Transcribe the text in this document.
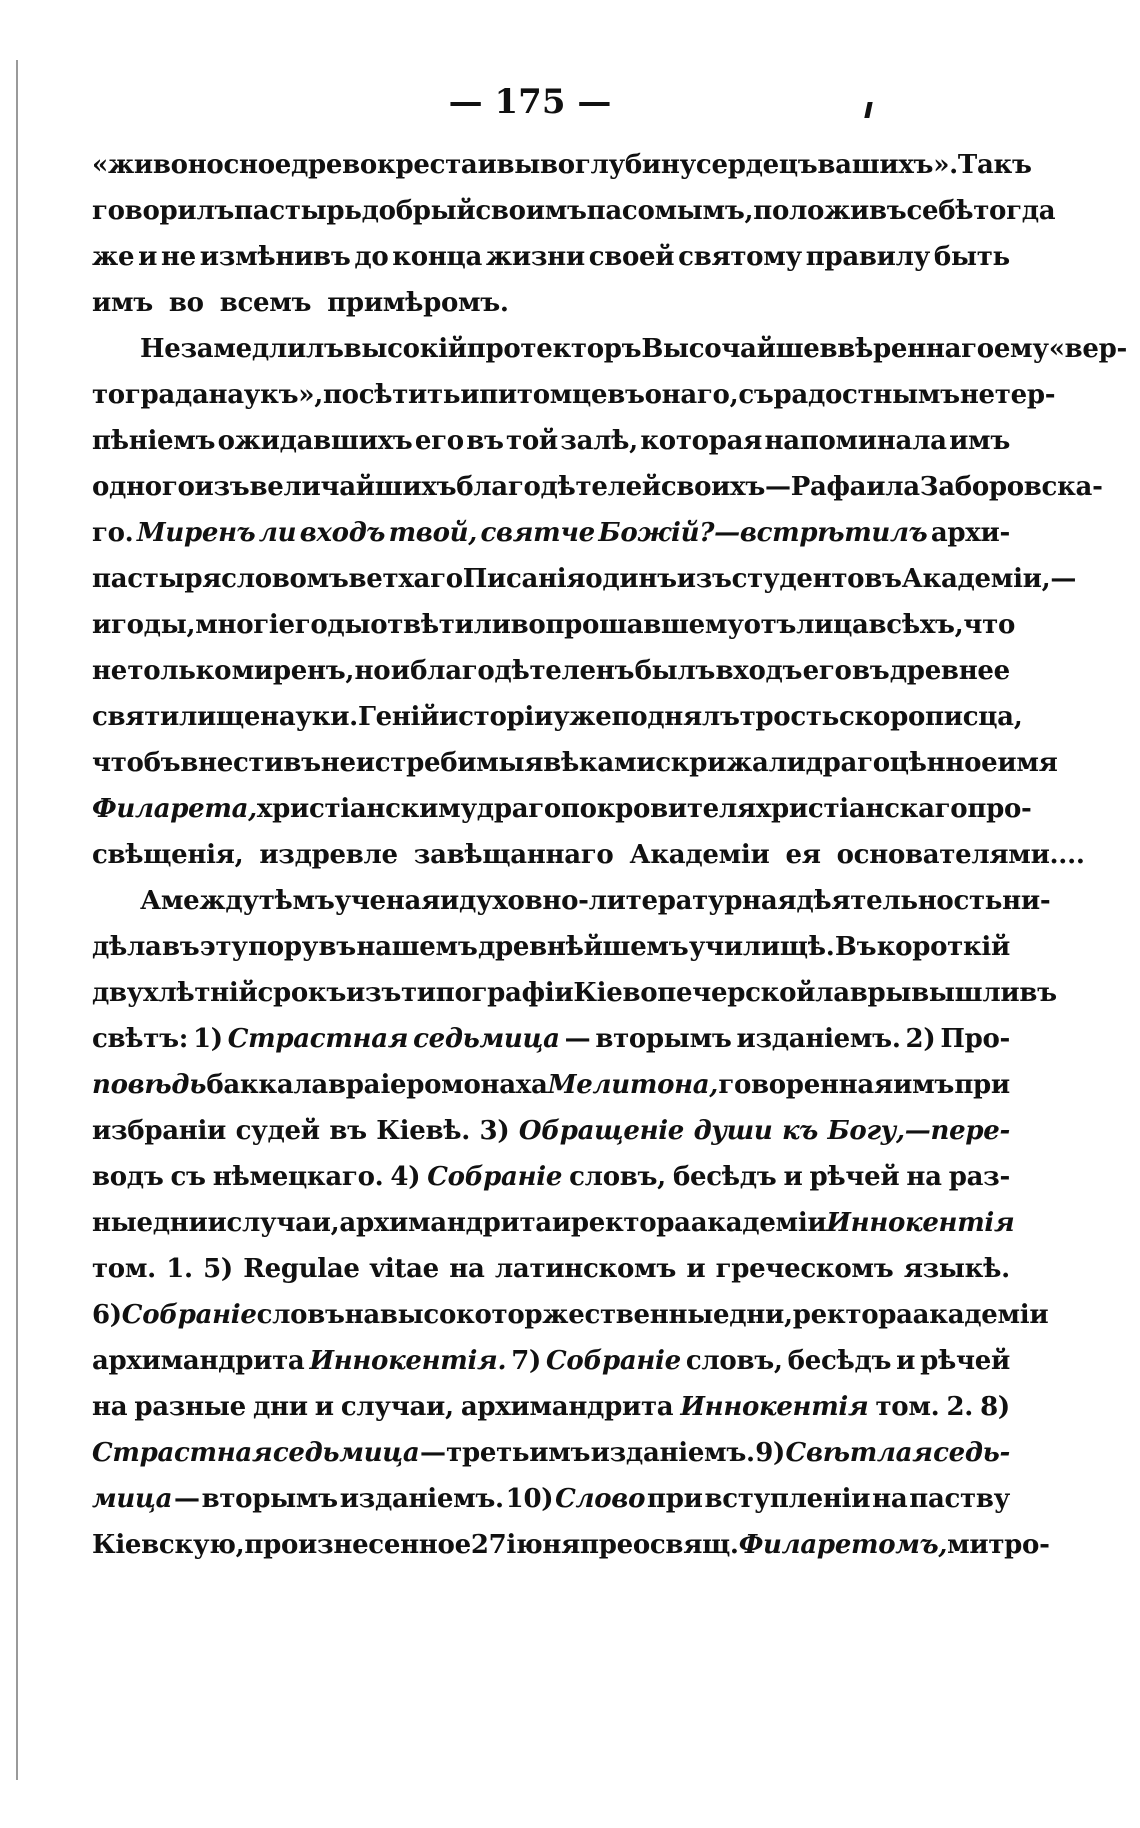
— 175 —
«живоносное древо креста и вы во глубину сердецъ вашихъ». Такъ
говорилъ пастырь добрый своимъ пасомымъ, положивъ себѣ тогда
же и не измѣнивъ до конца жизни своей святому правилу быть
имъ во всемъ примѣромъ.
Не замедлилъ высокій протекторъ Высочайше ввѣреннаго ему «вер-
тограда наукъ», посѣтить и питомцевъ онаго, съ радостнымъ нетер-
пѣніемъ ожидавшихъ его въ той залѣ, которая напоминала имъ
одного изъ величайшихъ благодѣтелей своихъ—Рафаила Заборовска-
го. Миренъ ли входъ твой, святче Божій?—встрѣтилъ архи-
пастыря словомъ ветхаго Писанія одинъ изъ студентовъ Академіи,—
и годы, многіе годы отвѣтили вопрошавшему отъ лица всѣхъ, что
не только миренъ, но и благодѣтеленъ былъ входъ его въ древнее
святилище науки. Геній исторіи уже поднялъ трость скорописца,
чтобъ внести въ неистребимыя вѣками скрижали драгоцѣнное имя
Филарета, христіански мудраго покровителя христіанскаго про-
свѣщенія, издревле завѣщаннаго Академіи ея основателями....
А между тѣмъ ученая и духовно-литературная дѣятельность ни-
дѣла въ эту пору въ нашемъ древнѣйшемъ училищѣ. Въ короткій
двухлѣтній срокъ изъ типографіи Кіевопечерской лавры вышли въ
свѣтъ: 1) Страстная седьмица — вторымъ изданіемъ. 2) Про-
повѣдь баккалавра іеромонаха Мелитона, говоренная имъ при
избраніи судей въ Кіевѣ. 3) Обращеніе души къ Богу,—пере-
водъ съ нѣмецкаго. 4) Собраніе словъ, бесѣдъ и рѣчей на раз-
ные дни и случаи, архимандрита и ректора академіи Иннокентія
том. 1. 5) Regulae vitae на латинскомъ и греческомъ языкѣ.
6) Собраніе словъ на высокоторжественные дни, ректора академіи
архимандрита Иннокентія. 7) Собраніе словъ, бесѣдъ и рѣчей
на разные дни и случаи, архимандрита Иннокентія том. 2. 8)
Страстная седьмица — третьимъ изданіемъ. 9) Свѣтлая седь-
мица — вторымъ изданіемъ. 10) Слово при вступленіи на паству
Кіевскую, произнесенное 27 іюня преосвящ. Филаретомъ, митро-
